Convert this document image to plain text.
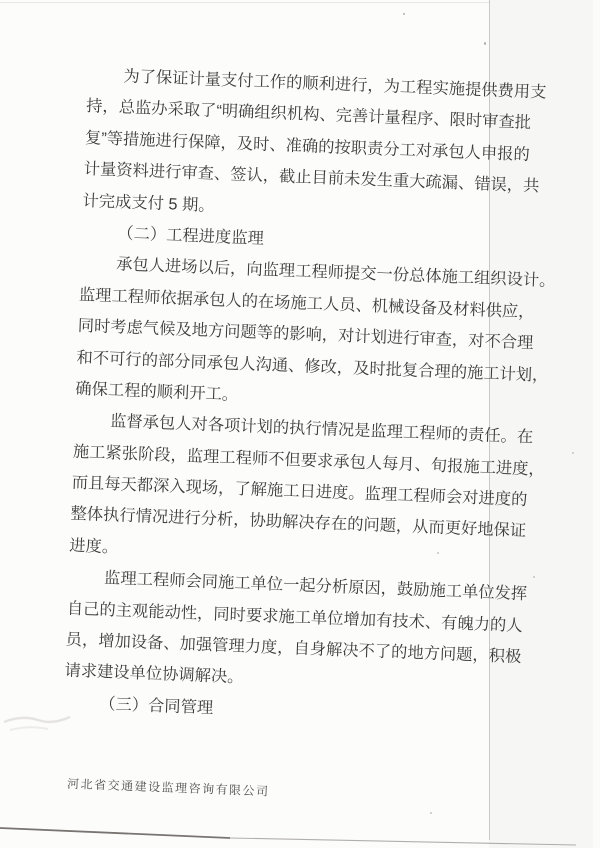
为了保证计量支付工作的顺利进行，为工程实施提供费用支
持，总监办采取了“明确组织机构、完善计量程序、限时审查批
复”等措施进行保障，及时、准确的按职责分工对承包人申报的
计量资料进行审查、签认，截止目前未发生重大疏漏、错误，共
计完成支付 5 期。
（二）工程进度监理
承包人进场以后，向监理工程师提交一份总体施工组织设计。
监理工程师依据承包人的在场施工人员、机械设备及材料供应，
同时考虑气候及地方问题等的影响，对计划进行审查，对不合理
和不可行的部分同承包人沟通、修改，及时批复合理的施工计划，
确保工程的顺利开工。
监督承包人对各项计划的执行情况是监理工程师的责任。在
施工紧张阶段，监理工程师不但要求承包人每月、旬报施工进度，
而且每天都深入现场，了解施工日进度。监理工程师会对进度的
整体执行情况进行分析，协助解决存在的问题，从而更好地保证
进度。
监理工程师会同施工单位一起分析原因，鼓励施工单位发挥
自己的主观能动性，同时要求施工单位增加有技术、有魄力的人
员，增加设备、加强管理力度，自身解决不了的地方问题，积极
请求建设单位协调解决。
（三）合同管理
河北省交通建设监理咨询有限公司
